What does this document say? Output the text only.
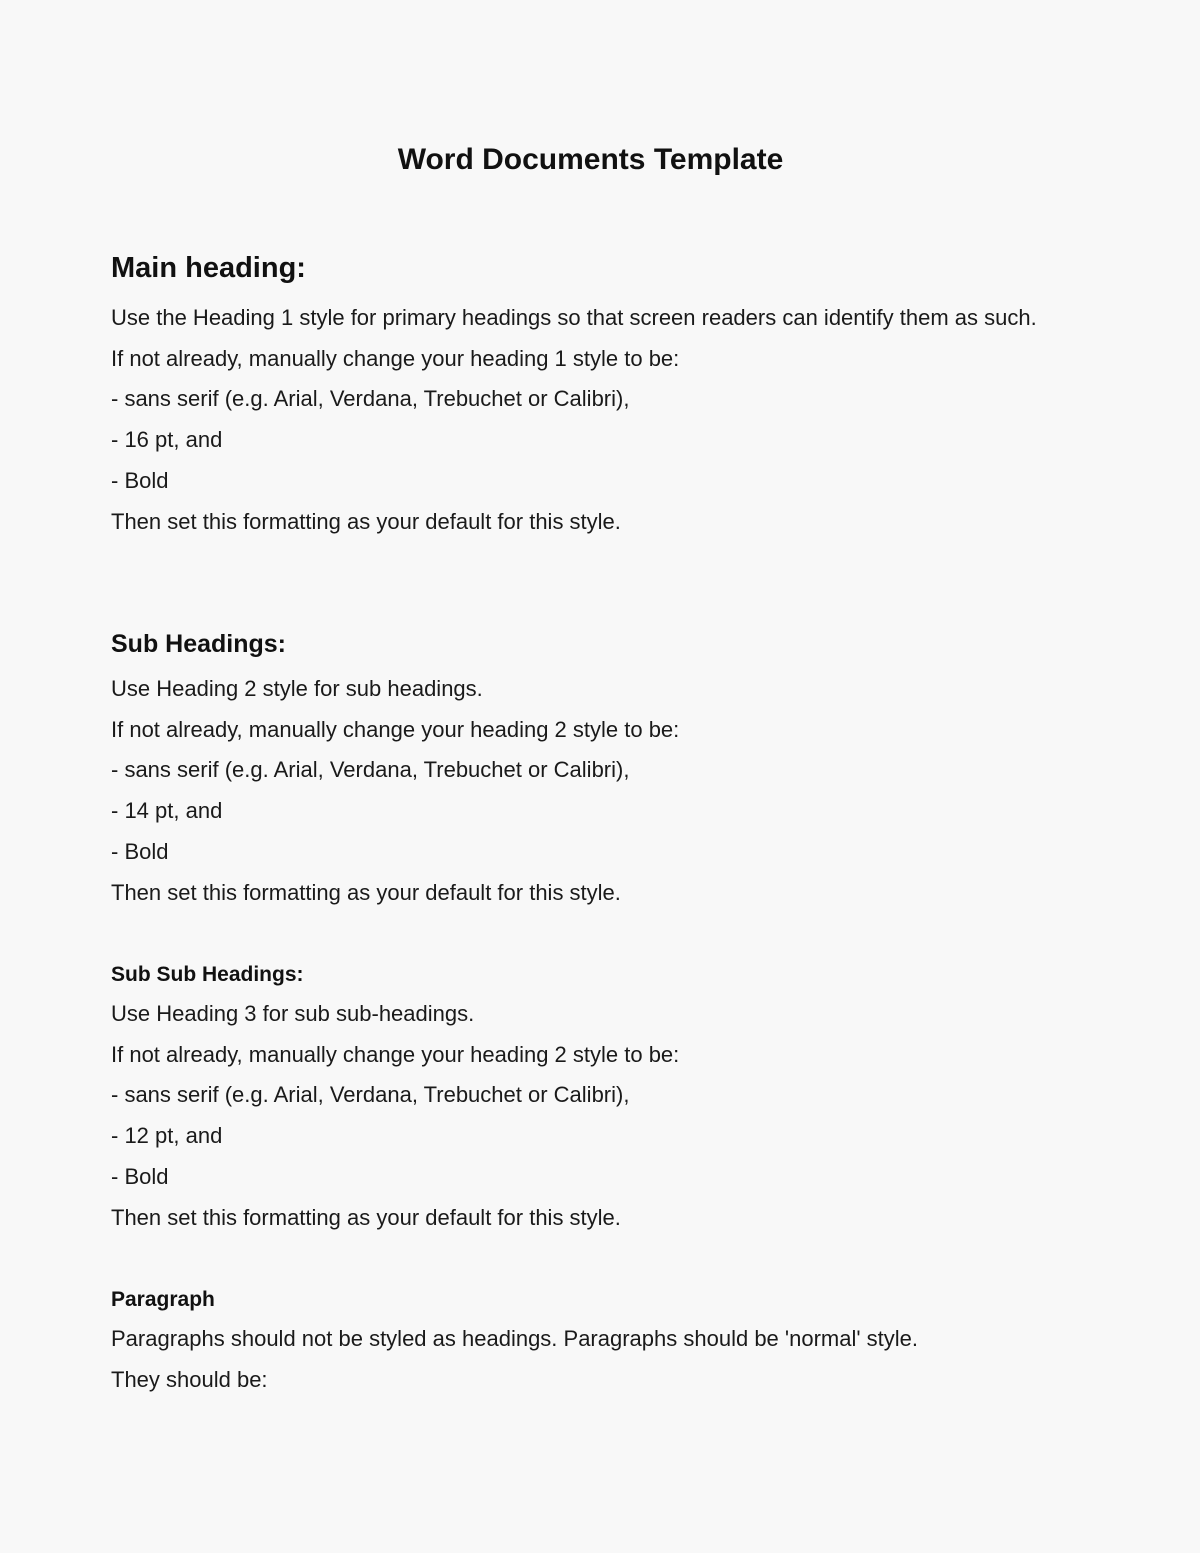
Word Documents Template
Main heading:

Use the Heading 1 style for primary headings so that screen readers can identify them as such.

If not already, manually change your heading 1 style to be:

- sans serif (e.g. Arial, Verdana, Trebuchet or Calibri),

- 16 pt, and

- Bold

Then set this formatting as your default for this style.

Sub Headings:

Use Heading 2 style for sub headings.

If not already, manually change your heading 2 style to be:

- sans serif (e.g. Arial, Verdana, Trebuchet or Calibri),

- 14 pt, and

- Bold

Then set this formatting as your default for this style.

Sub Sub Headings:

Use Heading 3 for sub sub-headings.

If not already, manually change your heading 2 style to be:

- sans serif (e.g. Arial, Verdana, Trebuchet or Calibri),

- 12 pt, and

- Bold

Then set this formatting as your default for this style.

Paragraph

Paragraphs should not be styled as headings. Paragraphs should be 'normal' style.

They should be:
